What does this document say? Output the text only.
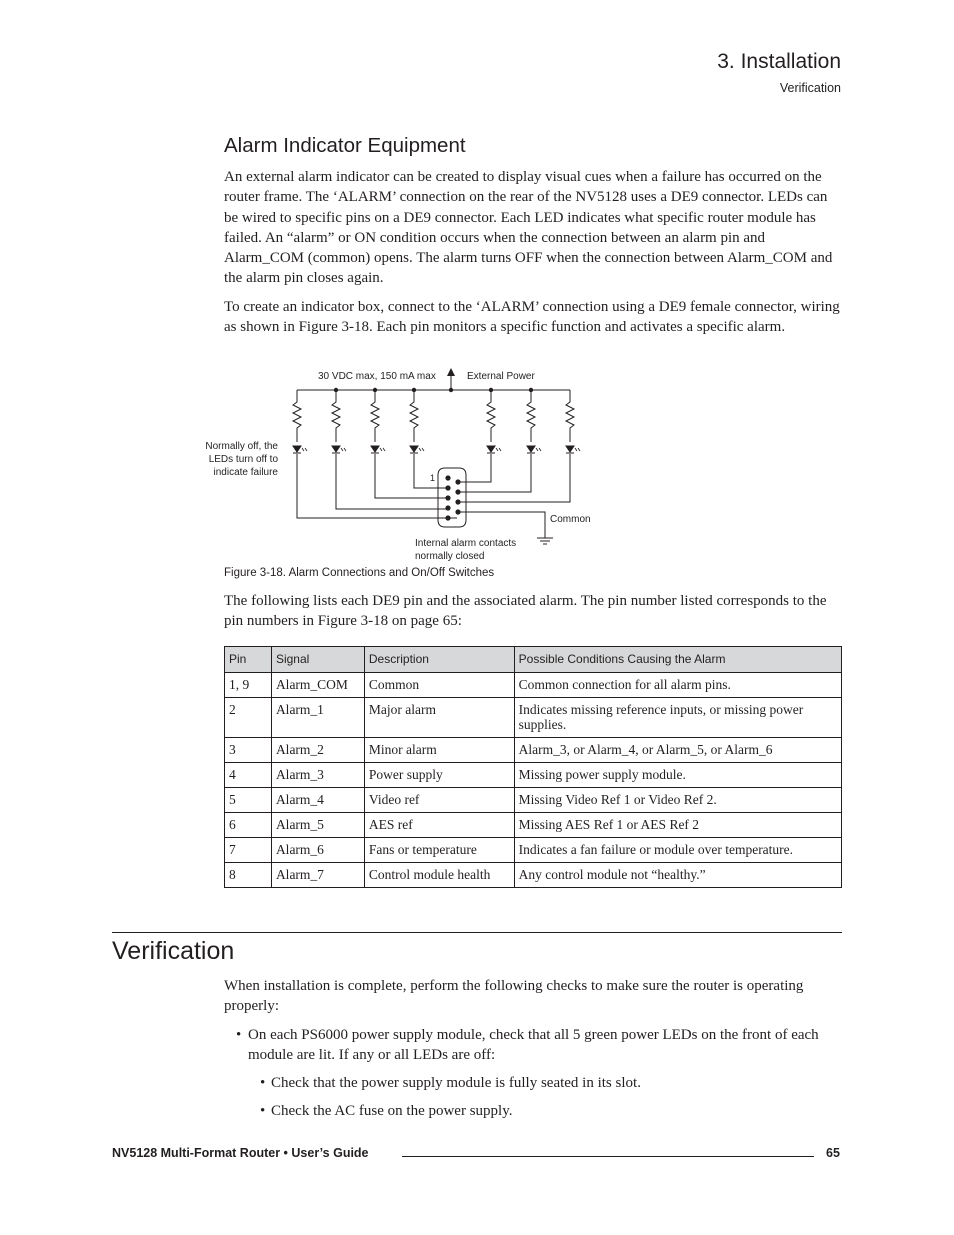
3. Installation
Verification
Alarm Indicator Equipment

An external alarm indicator can be created to display visual cues when a failure has occurred on the router frame. The ‘ALARM’ connection on the rear of the NV5128 uses a DE9 connector. LEDs can be wired to specific pins on a DE9 connector. Each LED indicates what specific router module has failed. An “alarm” or ON condition occurs when the connection between an alarm pin and Alarm_COM (common) opens. The alarm turns OFF when the connection between Alarm_COM and the alarm pin closes again.

To create an indicator box, connect to the ‘ALARM’ connection using a DE9 female connector, wiring as shown in Figure 3-18. Each pin monitors a specific function and activates a specific alarm.

30 VDC max, 150 mA max	External Power
Normally off, the
LEDs turn off to
indicate failure	1
Common
Internal alarm contacts
normally closed
Figure 3-18. Alarm Connections and On/Off Switches

The following lists each DE9 pin and the associated alarm. The pin number listed corresponds to the pin numbers in Figure 3-18 on page 65:

Pin	Signal	Description	Possible Conditions Causing the Alarm
1, 9	Alarm_COM	Common	Common connection for all alarm pins.
2	Alarm_1	Major alarm	Indicates missing reference inputs, or missing power supplies.
3	Alarm_2	Minor alarm	Alarm_3, or Alarm_4, or Alarm_5, or Alarm_6
4	Alarm_3	Power supply	Missing power supply module.
5	Alarm_4	Video ref	Missing Video Ref 1 or Video Ref 2.
6	Alarm_5	AES ref	Missing AES Ref 1 or AES Ref 2
7	Alarm_6	Fans or temperature	Indicates a fan failure or module over temperature.
8	Alarm_7	Control module health	Any control module not “healthy.”
Verification

When installation is complete, perform the following checks to make sure the router is operating properly:

• On each PS6000 power supply module, check that all 5 green power LEDs on the front of each module are lit. If any or all LEDs are off:
• Check that the power supply module is fully seated in its slot.
• Check the AC fuse on the power supply.
NV5128 Multi-Format Router • User’s Guide	65
